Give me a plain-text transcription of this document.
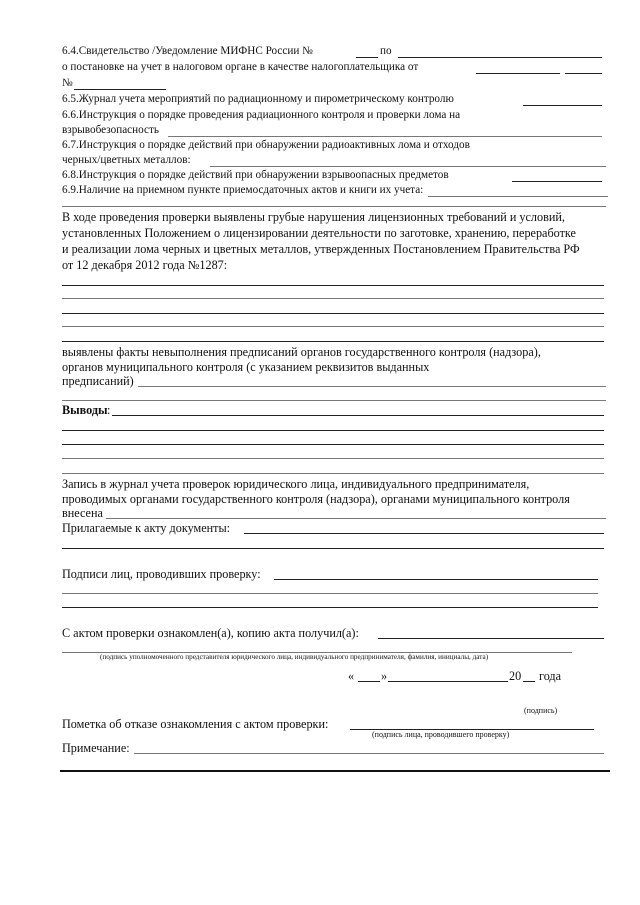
6.4.Свидетельство /Уведомление МИФНС России №	по
о постановке на учет в налоговом органе в качестве налогоплательщика от
№
6.5.Журнал учета мероприятий по радиационному и пирометрическому контролю
6.6.Инструкция о порядке проведения радиационного контроля и проверки лома на
взрывобезопасность
6.7.Инструкция о порядке действий при обнаружении радиоактивных лома и отходов
черных/цветных металлов:
6.8.Инструкция о порядке действий при обнаружении взрывоопасных предметов
6.9.Наличие на приемном пункте приемосдаточных актов и книги их учета:
В ходе проведения проверки выявлены грубые нарушения лицензионных требований и условий,
установленных Положением о лицензировании деятельности по заготовке, хранению, переработке
и реализации лома черных и цветных металлов, утвержденных Постановлением Правительства РФ
от 12 декабря 2012 года №1287:
выявлены факты невыполнения предписаний органов государственного контроля (надзора),
органов муниципального контроля (с указанием реквизитов выданных
предписаний)
Выводы :
Запись в журнал учета проверок юридического лица, индивидуального предпринимателя,
проводимых органами государственного контроля (надзора), органами муниципального контроля
внесена
Прилагаемые к акту документы:
Подписи лиц, проводивших проверку:
С актом проверки ознакомлен(а), копию акта получил(а):
(подпись уполномоченного представителя юридического лица, индивидуального предпринимателя, фамилия, инициалы, дата)
« »	20 года
(подпись)
Пометка об отказе ознакомления с актом проверки:
(подпись лица, проводившего проверку)
Примечание:
